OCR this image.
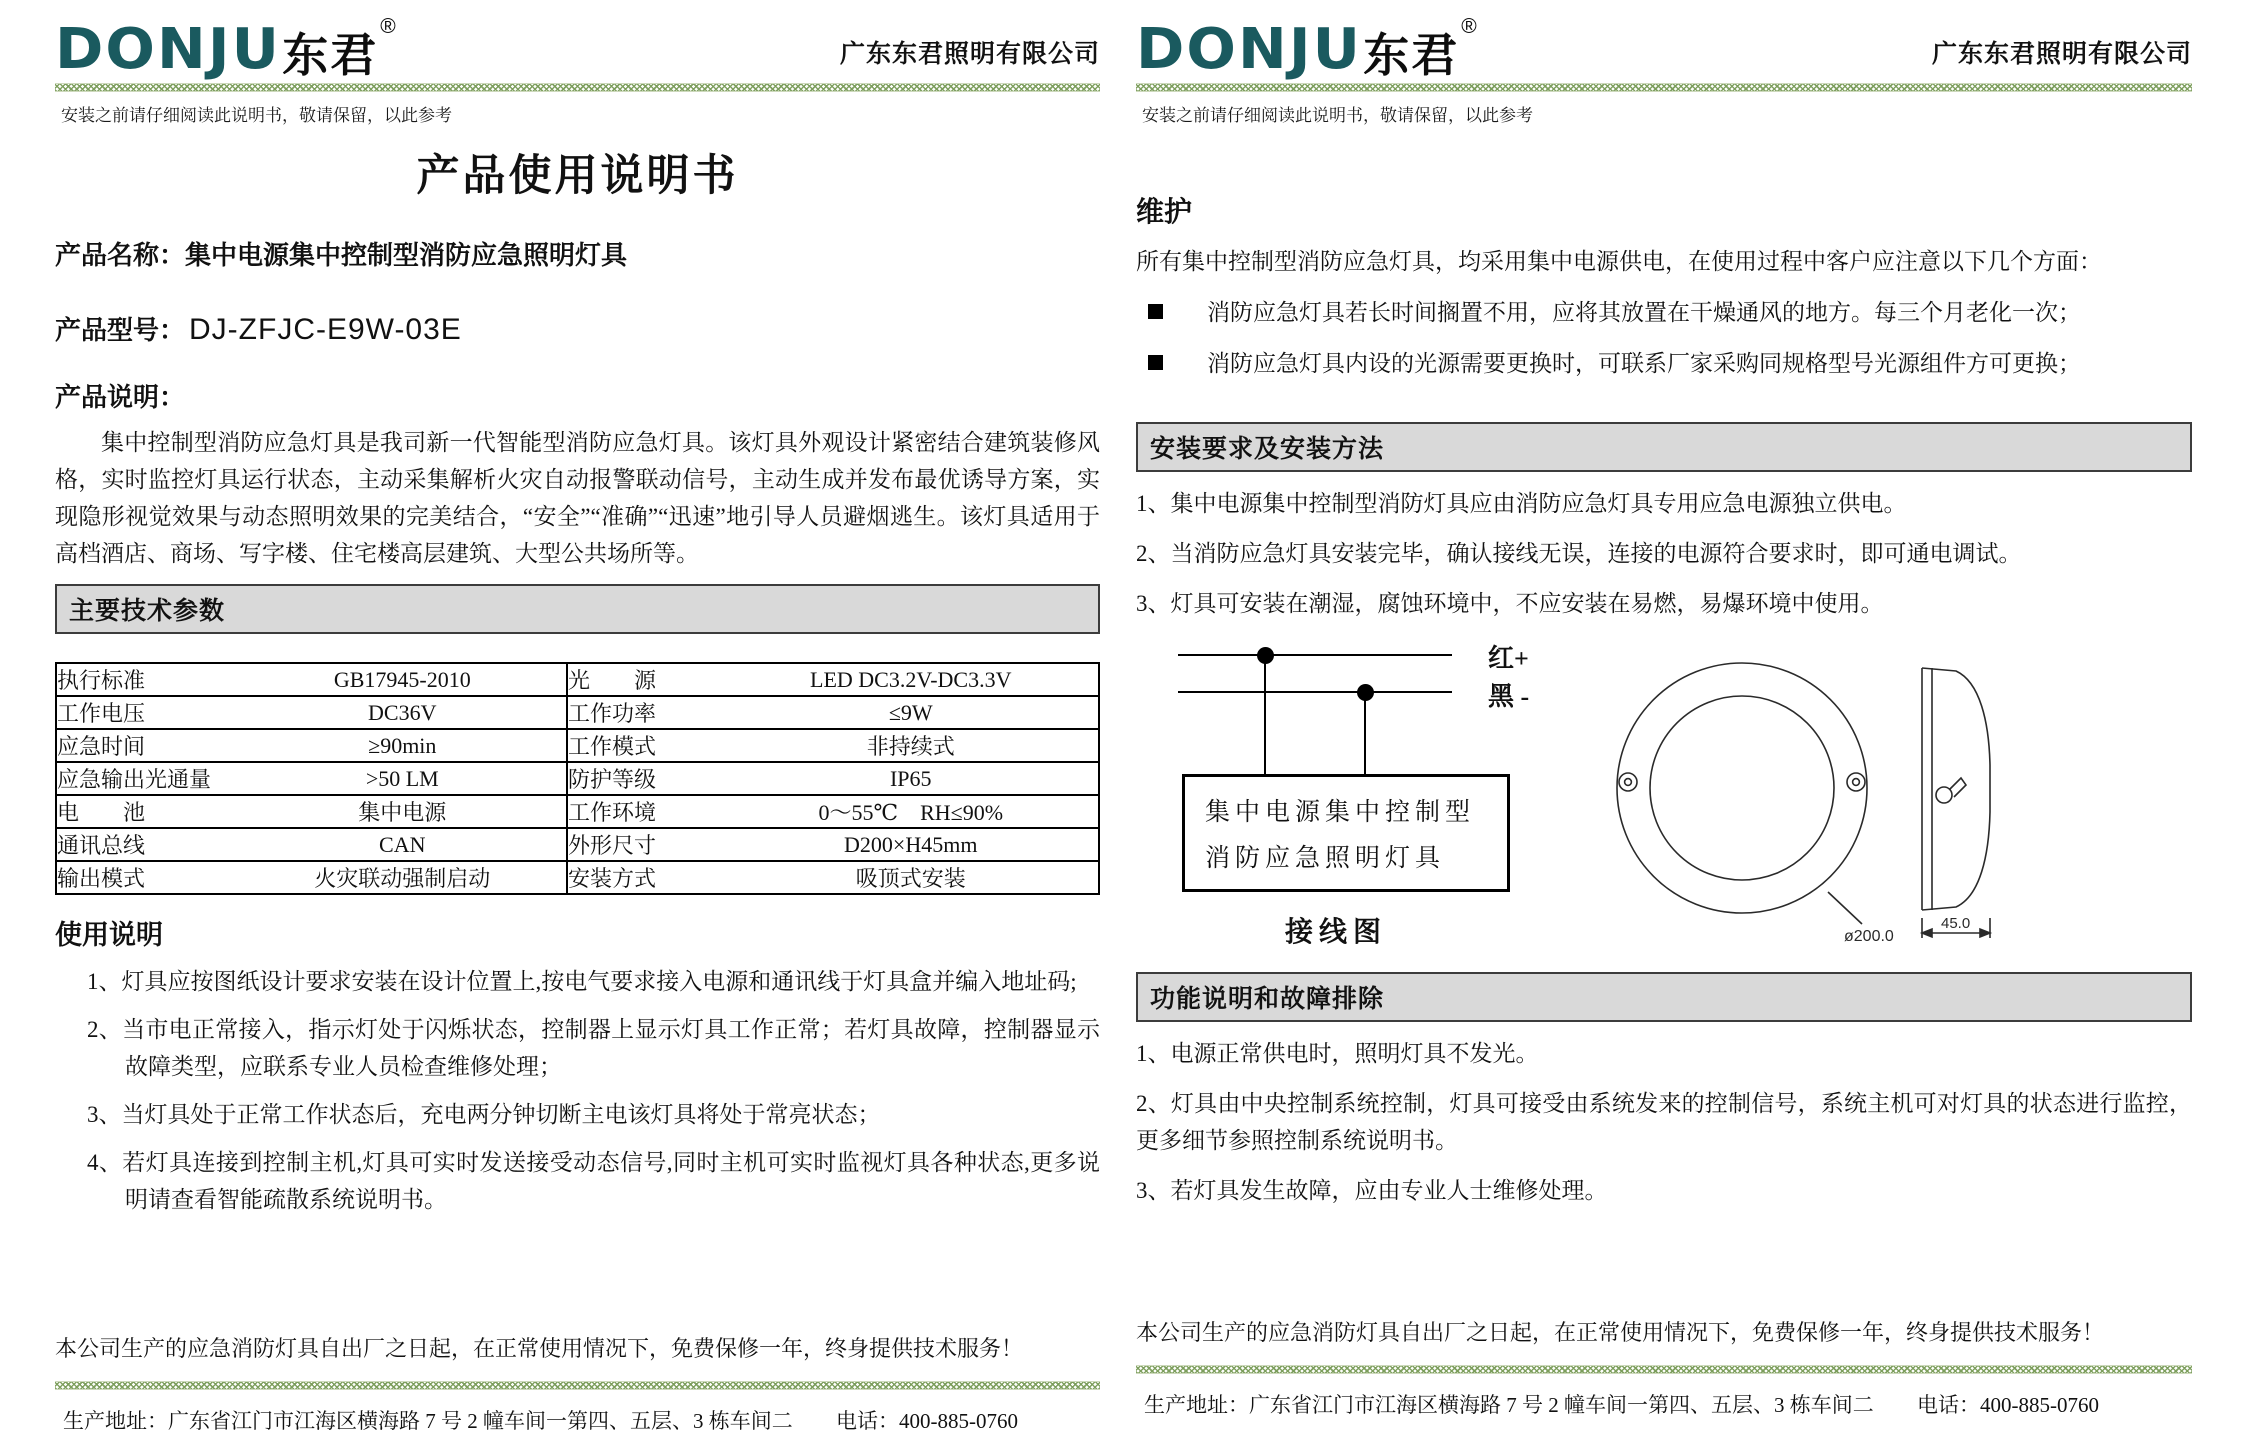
DONJU 东君
®
广东东君照明有限公司
安装之前请仔细阅读此说明书，敬请保留，以此参考
产品使用说明书
产品名称：集中电源集中控制型消防应急照明灯具
产品型号： DJ-ZFJC-E9W-03E
产品说明：
集中控制型消防应急灯具是我司新一代智能型消防应急灯具。该灯具外观设计紧密结合建筑装修风格，实时监控灯具运行状态，主动采集解析火灾自动报警联动信号，主动生成并发布最优诱导方案，实现隐形视觉效果与动态照明效果的完美结合，“安全”“准确”“迅速”地引导人员避烟逃生。该灯具适用于高档酒店、商场、写字楼、住宅楼高层建筑、大型公共场所等。
主要技术参数
执行标准	GB17945-2010	光　　源	LED DC3.2V-DC3.3V
工作电压	DC36V	工作功率	≤9W
应急时间	≥90min	工作模式	非持续式
应急输出光通量	>50 LM	防护等级	IP65
电　　池	集中电源	工作环境	0～55℃　RH≤90%
通讯总线	CAN	外形尺寸	D200×H45mm
输出模式	火灾联动强制启动	安装方式	吸顶式安装
使用说明
1、灯具应按图纸设计要求安装在设计位置上,按电气要求接入电源和通讯线于灯具盒并编入地址码;
2、当市电正常接入，指示灯处于闪烁状态，控制器上显示灯具工作正常；若灯具故障，控制器显示故障类型，应联系专业人员检查维修处理；
3、当灯具处于正常工作状态后，充电两分钟切断主电该灯具将处于常亮状态；
4、若灯具连接到控制主机,灯具可实时发送接受动态信号,同时主机可实时监视灯具各种状态,更多说明请查看智能疏散系统说明书。
本公司生产的应急消防灯具自出厂之日起，在正常使用情况下，免费保修一年，终身提供技术服务！
生产地址：广东省江门市江海区横海路 7 号 2 幢车间一第四、五层、3 栋车间二 电话：400-885-0760
DONJU 东君
®
广东东君照明有限公司
安装之前请仔细阅读此说明书，敬请保留，以此参考
维护
所有集中控制型消防应急灯具，均采用集中电源供电，在使用过程中客户应注意以下几个方面：
消防应急灯具若长时间搁置不用，应将其放置在干燥通风的地方。每三个月老化一次；
消防应急灯具内设的光源需要更换时，可联系厂家采购同规格型号光源组件方可更换；
安装要求及安装方法
1、集中电源集中控制型消防灯具应由消防应急灯具专用应急电源独立供电。
2、当消防应急灯具安装完毕，确认接线无误，连接的电源符合要求时，即可通电调试。
3、灯具可安装在潮湿，腐蚀环境中，不应安装在易燃，易爆环境中使用。
红+
黑 -
集中电源集中控制型
消防应急照明灯具
接线图	ø200.0
45.0
功能说明和故障排除
1、电源正常供电时，照明灯具不发光。
2、灯具由中央控制系统控制，灯具可接受由系统发来的控制信号，系统主机可对灯具的状态进行监控，更多细节参照控制系统说明书。
3、若灯具发生故障，应由专业人士维修处理。
本公司生产的应急消防灯具自出厂之日起，在正常使用情况下，免费保修一年，终身提供技术服务！
生产地址：广东省江门市江海区横海路 7 号 2 幢车间一第四、五层、3 栋车间二 电话：400-885-0760
